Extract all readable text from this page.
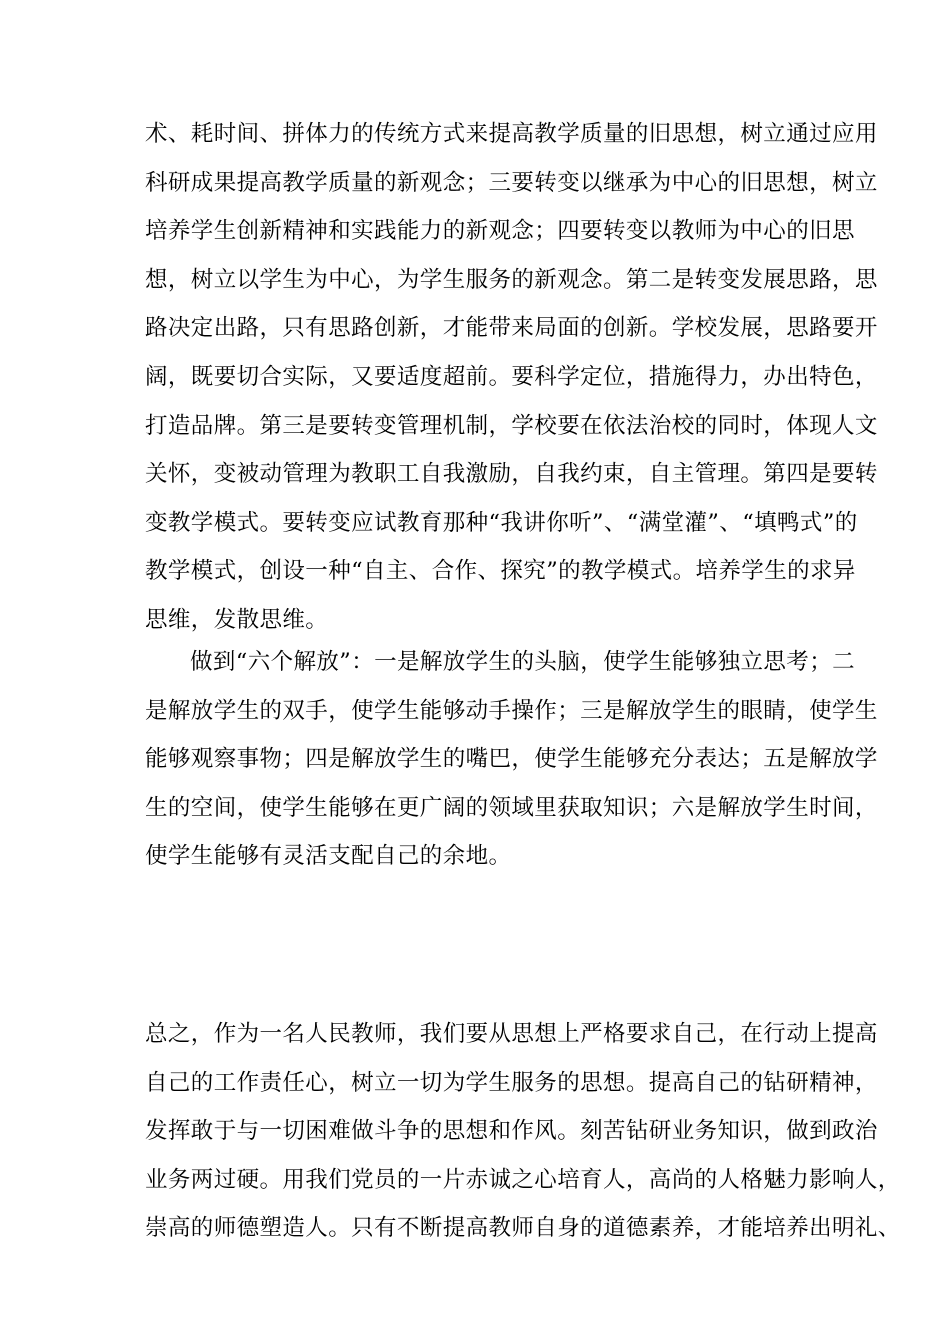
术、耗时间、拼体力的传统方式来提高教学质量的旧思想，树立通过应用
科研成果提高教学质量的新观念；三要转变以继承为中心的旧思想，树立
培养学生创新精神和实践能力的新观念；四要转变以教师为中心的旧思
想，树立以学生为中心，为学生服务的新观念。第二是转变发展思路，思
路决定出路，只有思路创新，才能带来局面的创新。学校发展，思路要开
阔，既要切合实际，又要适度超前。要科学定位，措施得力，办出特色，
打造品牌。第三是要转变管理机制，学校要在依法治校的同时，体现人文
关怀，变被动管理为教职工自我激励，自我约束，自主管理。第四是要转
变教学模式。要转变应试教育那种“我讲你听”、“满堂灌”、“填鸭式”的
教学模式，创设一种“自主、合作、探究”的教学模式。培养学生的求异
思维，发散思维。
做到“六个解放”：一是解放学生的头脑，使学生能够独立思考；二
是解放学生的双手，使学生能够动手操作；三是解放学生的眼睛，使学生
能够观察事物；四是解放学生的嘴巴，使学生能够充分表达；五是解放学
生的空间，使学生能够在更广阔的领域里获取知识；六是解放学生时间，
使学生能够有灵活支配自己的余地。
总之，作为一名人民教师，我们要从思想上严格要求自己，在行动上提高
自己的工作责任心，树立一切为学生服务的思想。提高自己的钻研精神，
发挥敢于与一切困难做斗争的思想和作风。刻苦钻研业务知识，做到政治
业务两过硬。用我们党员的一片赤诚之心培育人，高尚的人格魅力影响人，
崇高的师德塑造人。只有不断提高教师自身的道德素养，才能培养出明礼、
